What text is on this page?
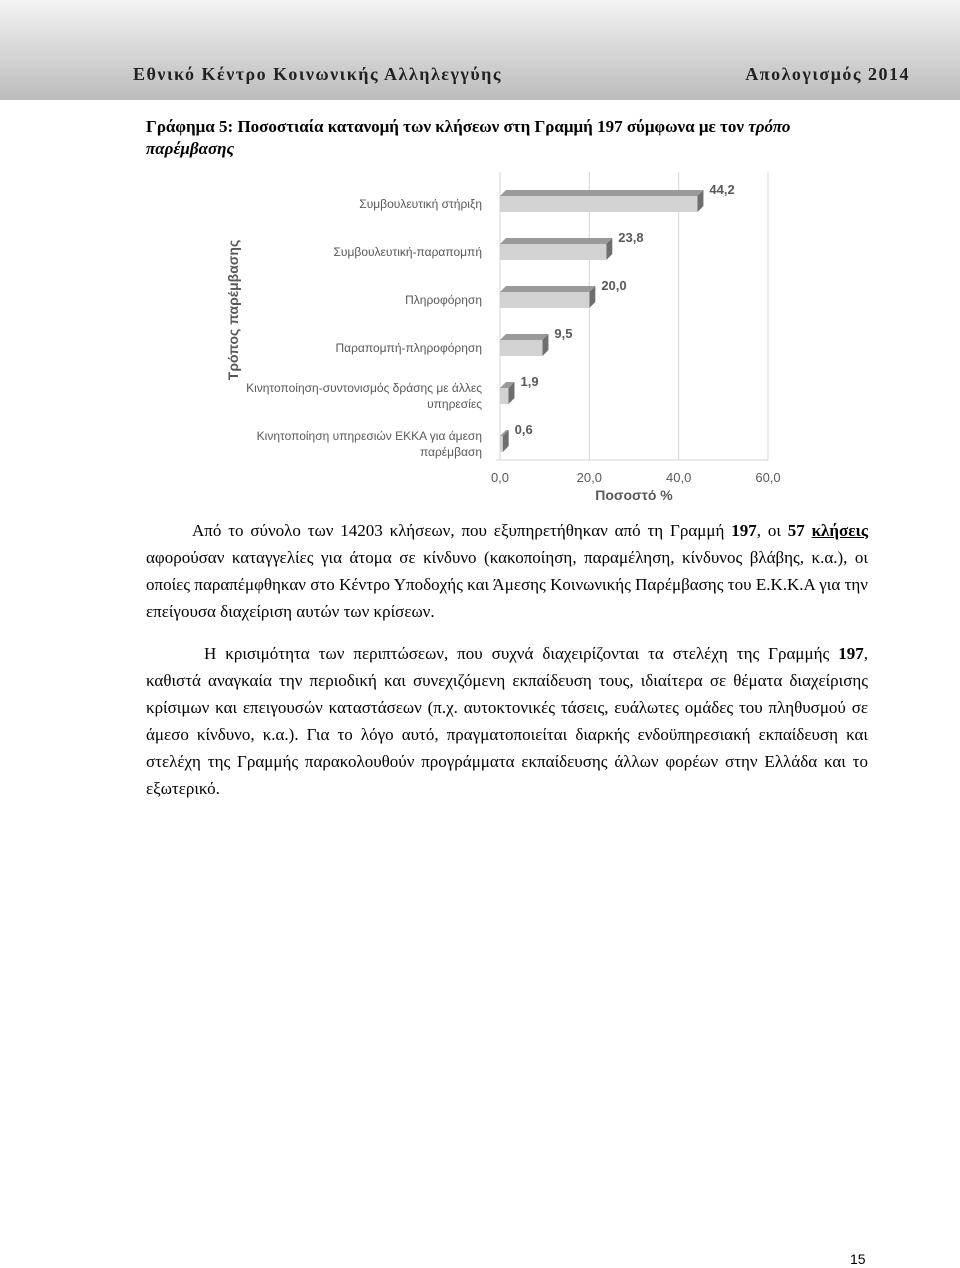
Εθνικό Κέντρο Κοινωνικής Αλληλεγγύης	Απολογισμός 2014
Γράφημα 5: Ποσοστιαία κατανομή των κλήσεων στη Γραμμή 197 σύμφωνα με τον τρόπο παρέμβασης
0,0	20,0	40,0	60,0
44,2
Συμβουλευτική στήριξη
23,8
Συμβουλευτική-παραπομπή
20,0
Πληροφόρηση
9,5
Παραπομπή-πληροφόρηση
1,9
Κινητοποίηση-συντονισμός δράσης με άλλες
υπηρεσίες
0,6
Κινητοποίηση υπηρεσιών ΕΚΚΑ για άμεση
παρέμβαση
Ποσοστό %
Τρόπος παρέμβασης
Από το σύνολο των 14203 κλήσεων, που εξυπηρετήθηκαν από τη Γραμμή 197, οι 57 κλήσεις αφορούσαν καταγγελίες για άτομα σε κίνδυνο (κακοποίηση, παραμέληση, κίνδυνος βλάβης, κ.α.), οι οποίες παραπέμφθηκαν στο Κέντρο Υποδοχής και Άμεσης Κοινωνικής Παρέμβασης του Ε.Κ.Κ.Α για την επείγουσα διαχείριση αυτών των κρίσεων.
Η κρισιμότητα των περιπτώσεων, που συχνά διαχειρίζονται τα στελέχη της Γραμμής 197, καθιστά αναγκαία την περιοδική και συνεχιζόμενη εκπαίδευση τους, ιδιαίτερα σε θέματα διαχείρισης κρίσιμων και επειγουσών καταστάσεων (π.χ. αυτοκτονικές τάσεις, ευάλωτες ομάδες του πληθυσμού σε άμεσο κίνδυνο, κ.α.). Για το λόγο αυτό, πραγματοποιείται διαρκής ενδοϋπηρεσιακή εκπαίδευση και στελέχη της Γραμμής παρακολουθούν προγράμματα εκπαίδευσης άλλων φορέων στην Ελλάδα και το εξωτερικό.
15
